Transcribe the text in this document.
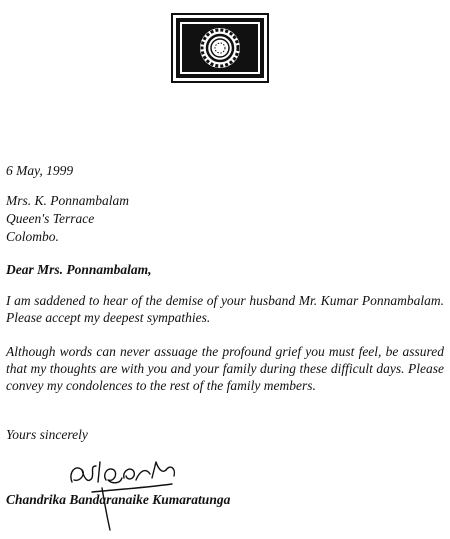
6 May, 1999
Mrs. K. Ponnambalam
Queen's Terrace
Colombo.
Dear Mrs. Ponnambalam,
I am saddened to hear of the demise of your husband Mr. Kumar Ponnambalam. Please accept my deepest sympathies.
Although words can never assuage the profound grief you must feel, be assured that my thoughts are with you and your family during these difficult days. Please convey my condolences to the rest of the family members.
Yours sincerely
Chandrika Bandaranaike Kumaratunga
